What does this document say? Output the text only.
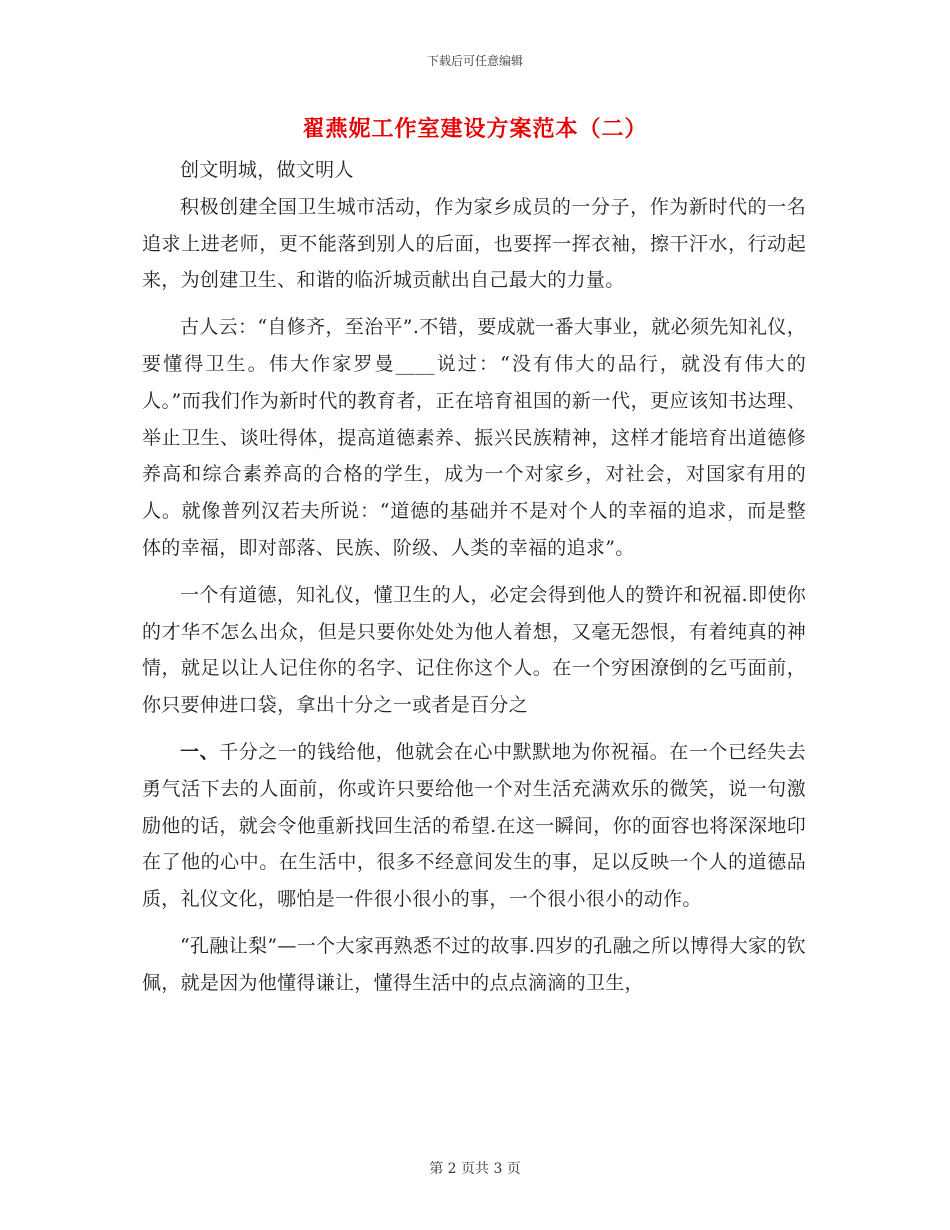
下载后可任意编辑
翟燕妮工作室建设方案范本（二）

创文明城，做文明人

积极创建全国卫生城市活动，作为家乡成员的一分子，作为新时代的一名追求上进老师，更不能落到别人的后面，也要挥一挥衣袖，擦干汗水，行动起来，为创建卫生、和谐的临沂城贡献出自己最大的力量。

古人云：“自修齐，至治平”.不错，要成就一番大事业，就必须先知礼仪，要懂得卫生。伟大作家罗曼____说过：“没有伟大的品行，就没有伟大的人。”而我们作为新时代的教育者，正在培育祖国的新一代，更应该知书达理、举止卫生、谈吐得体，提高道德素养、振兴民族精神，这样才能培育出道德修养高和综合素养高的合格的学生，成为一个对家乡，对社会，对国家有用的人。就像普列汉若夫所说：“道德的基础并不是对个人的幸福的追求，而是整体的幸福，即对部落、民族、阶级、人类的幸福的追求”。

一个有道德，知礼仪，懂卫生的人，必定会得到他人的赞许和祝福.即使你的才华不怎么出众，但是只要你处处为他人着想，又毫无怨恨，有着纯真的神情，就足以让人记住你的名字、记住你这个人。在一个穷困潦倒的乞丐面前，你只要伸进口袋，拿出十分之一或者是百分之

一、千分之一的钱给他，他就会在心中默默地为你祝福。在一个已经失去勇气活下去的人面前，你或许只要给他一个对生活充满欢乐的微笑，说一句激励他的话，就会令他重新找回生活的希望.在这一瞬间，你的面容也将深深地印在了他的心中。在生活中，很多不经意间发生的事，足以反映一个人的道德品质，礼仪文化，哪怕是一件很小很小的事，一个很小很小的动作。

“孔融让梨”—一个大家再熟悉不过的故事.四岁的孔融之所以博得大家的钦佩，就是因为他懂得谦让，懂得生活中的点点滴滴的卫生，

第 2 页共 3 页
